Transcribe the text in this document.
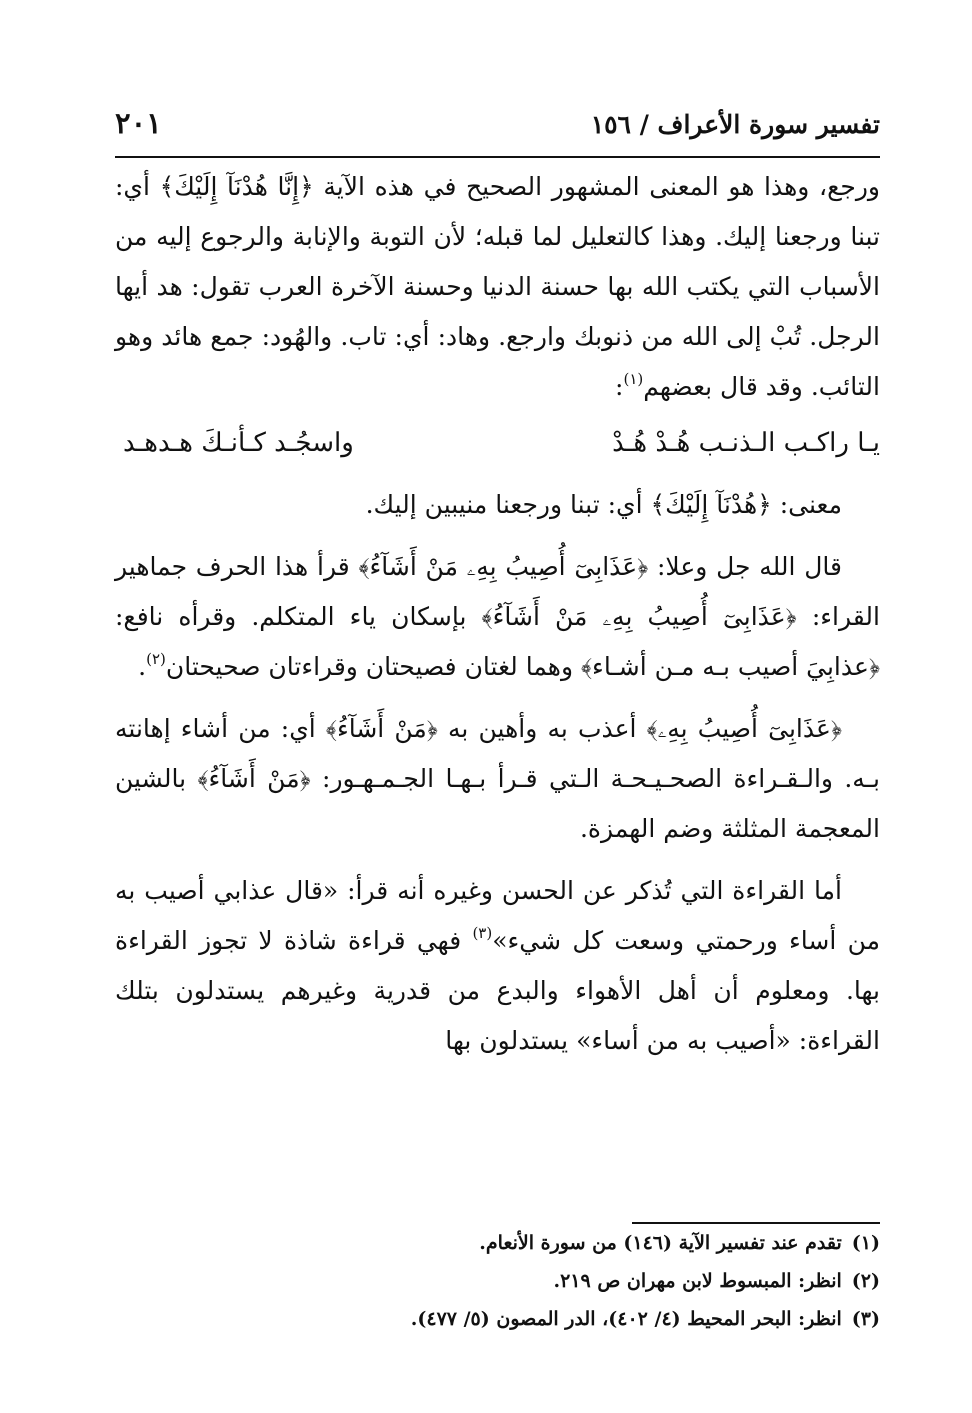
تفسير سورة الأعراف / ١٥٦
٢٠١

ورجع، وهذا هو المعنى المشهور الصحيح في هذه الآية ﴿إِنَّا هُدْنَآ إِلَيْكَ﴾ أي: تبنا ورجعنا إليك. وهذا كالتعليل لما قبله؛ لأن التوبة والإنابة والرجوع إليه من الأسباب التي يكتب الله بها حسنة الدنيا وحسنة الآخرة العرب تقول: هد أيها الرجل. تُبْ إلى الله من ذنوبك وارجع. وهاد: أي: تاب. والهُود: جمع هائد وهو التائب. وقد قال بعضهم$^{(١)}$:

يـا راكـب الـذنـب هُـدْ هُـدْ
واسجُـد كـأنـكَ هـدهـد

معنى: ﴿هُدْنَآ إِلَيْكَ﴾ أي: تبنا ورجعنا منيبين إليك.

قال الله جل وعلا: ﴿عَذَابِىٓ أُصِيبُ بِهِۦ مَنْ أَشَآءُ﴾ قرأ هذا الحرف جماهير القراء: ﴿عَذَابِىٓ أُصِيبُ بِهِۦ مَنْ أَشَآءُ﴾ بإسكان ياء المتكلم. وقرأه نافع: ﴿عذابِيَ أصيب بـه مـن أشـاء﴾ وهما لغتان فصيحتان وقراءتان صحيحتان$^{(٢)}$.

﴿عَذَابِىٓ أُصِيبُ بِهِۦ﴾ أعذب به وأهين به ﴿مَنْ أَشَآءُ﴾ أي: من أشاء إهانته بـه. والـقـراءة الصحـيـحـة الـتي قـرأ بـهـا الجـمـهـور: ﴿مَنْ أَشَآءُ﴾ بالشين المعجمة المثلثة وضم الهمزة.

أما القراءة التي تُذكر عن الحسن وغيره أنه قرأ: «قال عذابي أصيب به من أساء ورحمتي وسعت كل شيء»$^{(٣)}$ فهي قراءة شاذة لا تجوز القراءة بها. ومعلوم أن أهل الأهواء والبدع من قدرية وغيرهم يستدلون بتلك القراءة: «أصيب به من أساء» يستدلون بها

(١)تقدم عند تفسير الآية (١٤٦) من سورة الأنعام.
(٢)انظر: المبسوط لابن مهران ص ٢١٩.
(٣)انظر: البحر المحيط (٤/ ٤٠٢)، الدر المصون (٥/ ٤٧٧).
